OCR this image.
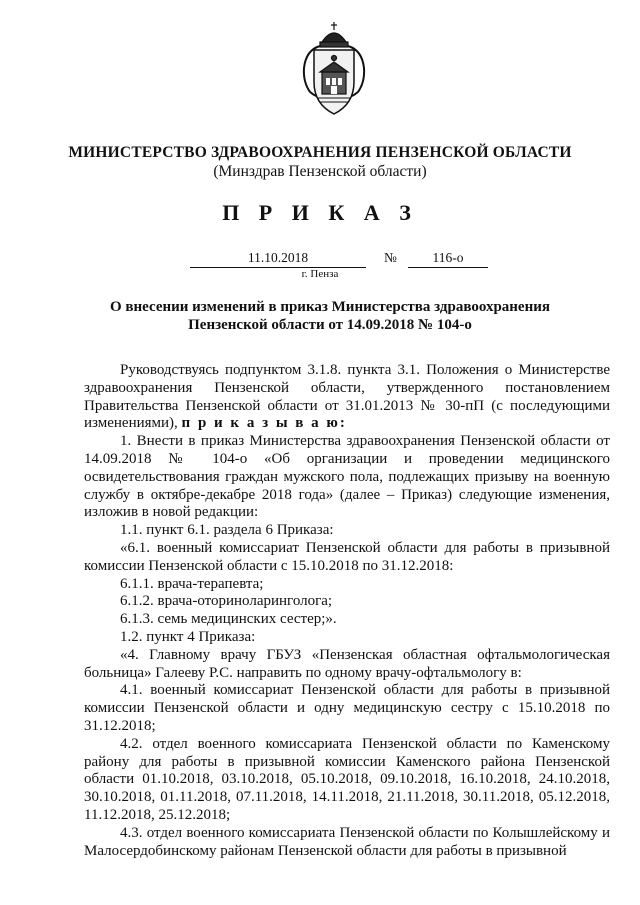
МИНИСТЕРСТВО ЗДРАВООХРАНЕНИЯ ПЕНЗЕНСКОЙ ОБЛАСТИ
(Минздрав Пензенской области)
П Р И К А З
11.10.2018	№	116-о
г. Пенза
О внесении изменений в приказ Министерства здравоохранения
Пензенской области от 14.09.2018 № 104-о

Руководствуясь подпунктом 3.1.8. пункта 3.1. Положения о Министерстве здравоохранения Пензенской области, утвержденного постановлением Правительства Пензенской области от 31.01.2013 № 30-пП (с последующими изменениями), п р и к а з ы в а ю:

1. Внести в приказ Министерства здравоохранения Пензенской области от 14.09.2018 № 104-о «Об организации и проведении медицинского освидетельствования граждан мужского пола, подлежащих призыву на военную службу в октябре-декабре 2018 года» (далее – Приказ) следующие изменения, изложив в новой редакции:

1.1. пункт 6.1. раздела 6 Приказа:

«6.1. военный комиссариат Пензенской области для работы в призывной комиссии Пензенской области с 15.10.2018 по 31.12.2018:

6.1.1. врача-терапевта;

6.1.2. врача-оториноларинголога;

6.1.3. семь медицинских сестер;».

1.2. пункт 4 Приказа:

«4. Главному врачу ГБУЗ «Пензенская областная офтальмологическая больница» Галееву Р.С. направить по одному врачу-офтальмологу в:

4.1. военный комиссариат Пензенской области для работы в призывной комиссии Пензенской области и одну медицинскую сестру с 15.10.2018 по 31.12.2018;

4.2. отдел военного комиссариата Пензенской области по Каменскому району для работы в призывной комиссии Каменского района Пензенской области 01.10.2018, 03.10.2018, 05.10.2018, 09.10.2018, 16.10.2018, 24.10.2018, 30.10.2018, 01.11.2018, 07.11.2018, 14.11.2018, 21.11.2018, 30.11.2018, 05.12.2018, 11.12.2018, 25.12.2018;

4.3. отдел военного комиссариата Пензенской области по Колышлейскому и Малосердобинскому районам Пензенской области для работы в призывной
